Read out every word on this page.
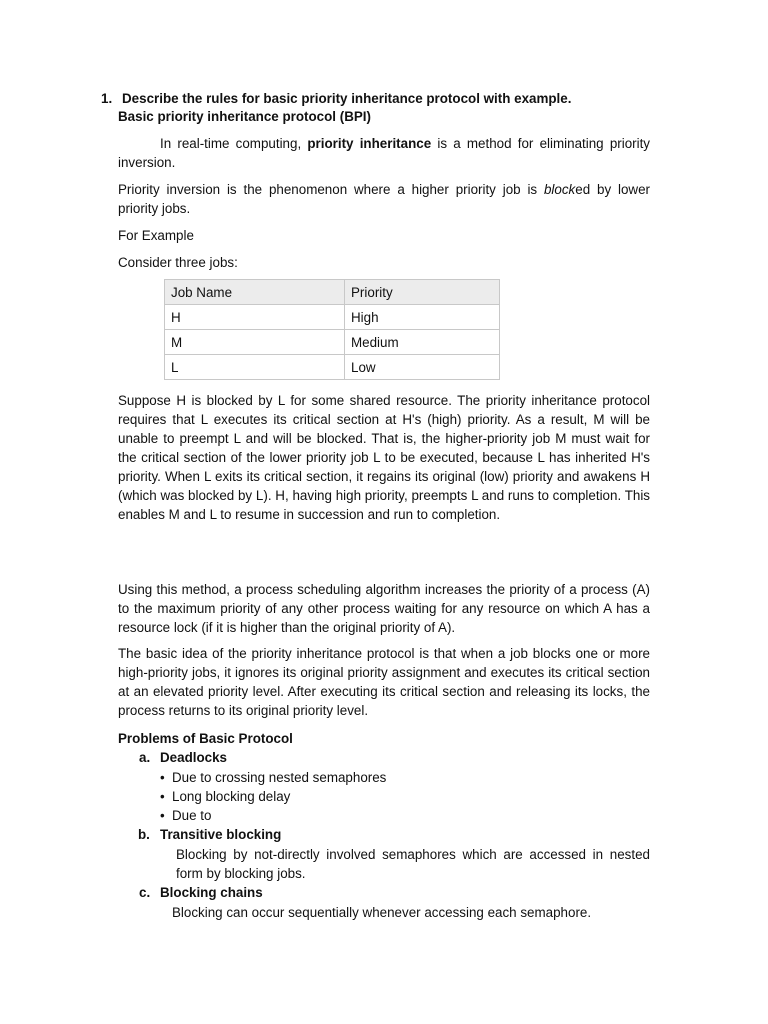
1. Describe the rules for basic priority inheritance protocol with example.
Basic priority inheritance protocol (BPI)
In real-time computing, priority inheritance is a method for eliminating priority inversion.
Priority inversion is the phenomenon where a higher priority job is blocked by lower priority jobs.
For Example
Consider three jobs:
Job Name	Priority
H	High
M	Medium
L	Low
Suppose H is blocked by L for some shared resource. The priority inheritance protocol requires that L executes its critical section at H's (high) priority. As a result, M will be unable to preempt L and will be blocked. That is, the higher-priority job M must wait for the critical section of the lower priority job L to be executed, because L has inherited H's priority. When L exits its critical section, it regains its original (low) priority and awakens H (which was blocked by L). H, having high priority, preempts L and runs to completion. This enables M and L to resume in succession and run to completion.
Using this method, a process scheduling algorithm increases the priority of a process (A) to the maximum priority of any other process waiting for any resource on which A has a resource lock (if it is higher than the original priority of A).
The basic idea of the priority inheritance protocol is that when a job blocks one or more high-priority jobs, it ignores its original priority assignment and executes its critical section at an elevated priority level. After executing its critical section and releasing its locks, the process returns to its original priority level.
Problems of Basic Protocol
a. Deadlocks
• Due to crossing nested semaphores
• Long blocking delay
• Due to
b. Transitive blocking
Blocking by not-directly involved semaphores which are accessed in nested form by blocking jobs.
c. Blocking chains
Blocking can occur sequentially whenever accessing each semaphore.
